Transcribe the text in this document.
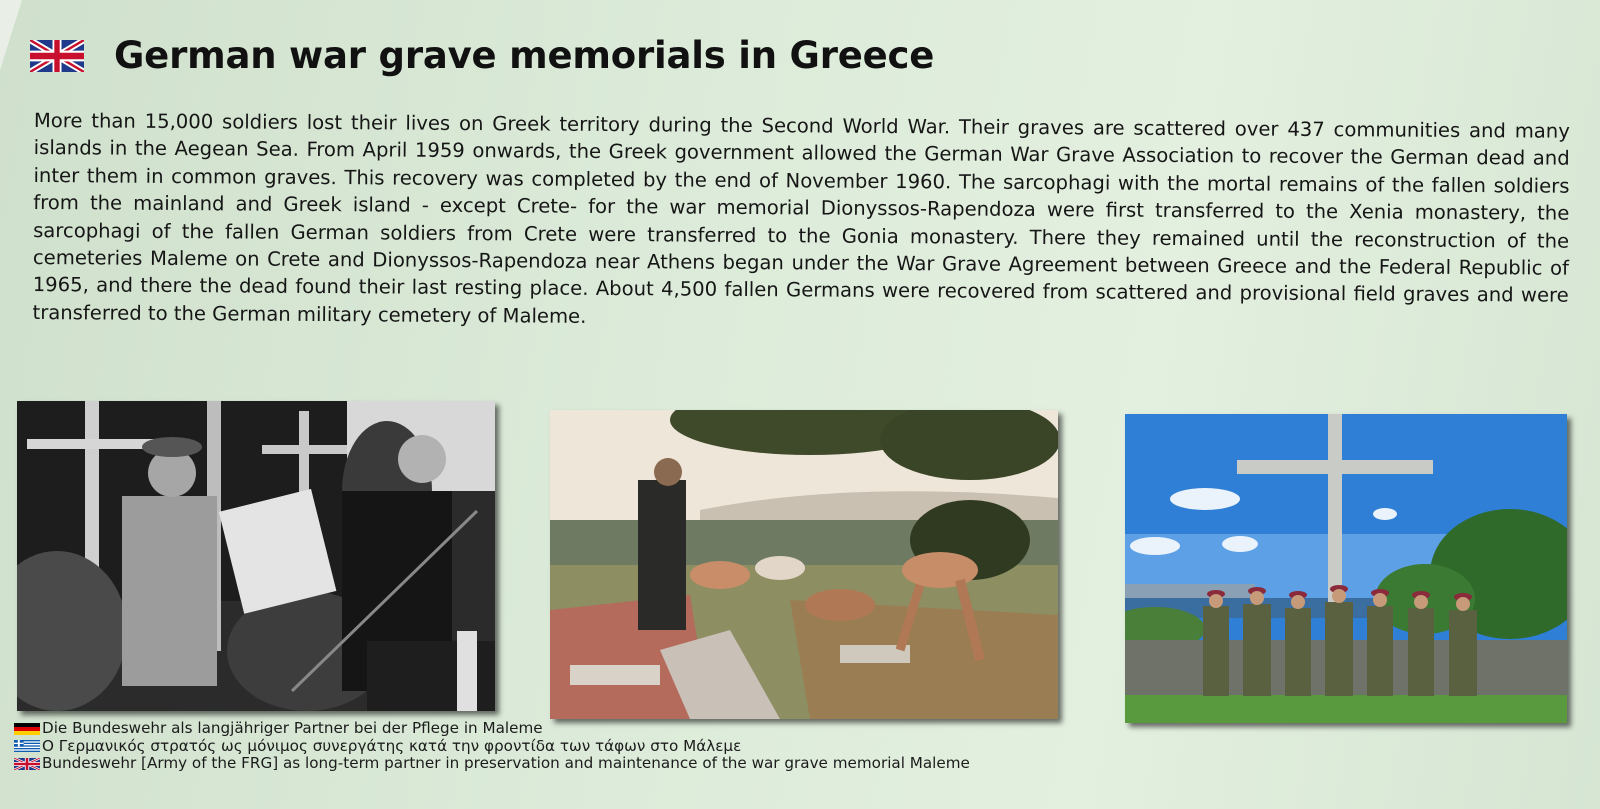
German war grave memorials in Greece
More than 15,000 soldiers lost their lives on Greek territory during the Second World War. Their graves are scattered over 437 communities and many islands in the Aegean Sea. From April 1959 onwards, the Greek government allowed the German War Grave Association to recover the German dead and inter them in common graves. This recovery was completed by the end of November 1960. The sarcophagi with the mortal remains of the fallen soldiers from the mainland and Greek island - except Crete- for the war memorial Dionyssos-Rapendoza were first transferred to the Xenia monastery, the sarcophagi of the fallen German soldiers from Crete were transferred to the Gonia monastery. There they remained until the reconstruction of the cemeteries Maleme on Crete and Dionyssos-Rapendoza near Athens began under the War Grave Agreement between Greece and the Federal Republic of 1965, and there the dead found their last resting place. About 4,500 fallen Germans were recovered from scattered and provisional field graves and were transferred to the German military cemetery of Maleme.
Die Bundeswehr als langjähriger Partner bei der Pflege in Maleme
Ο Γερμανικός στρατός ως μόνιμος συνεργάτης κατά την φροντίδα των τάφων στο Μάλεμε
Bundeswehr [Army of the FRG] as long-term partner in preservation and maintenance of the war grave memorial Maleme
